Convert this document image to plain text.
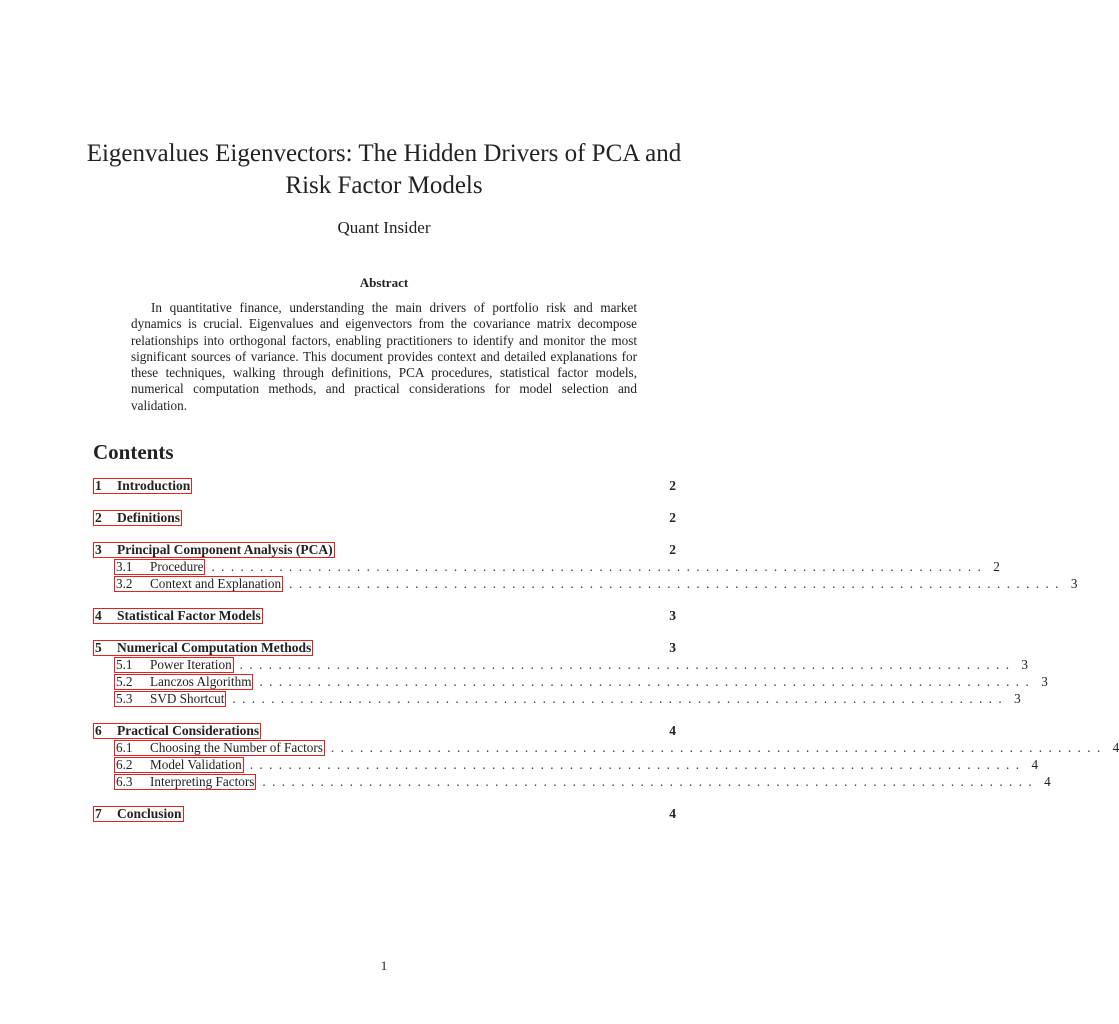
Eigenvalues Eigenvectors: The Hidden Drivers of PCA and Risk Factor Models
Quant Insider
Abstract
In quantitative finance, understanding the main drivers of portfolio risk and market dynamics is crucial. Eigenvalues and eigenvectors from the covariance matrix decompose relationships into orthogonal factors, enabling practitioners to identify and monitor the most significant sources of variance. This document provides context and detailed explanations for these techniques, walking through definitions, PCA procedures, statistical factor models, numerical computation methods, and practical considerations for model selection and validation.
Contents
1	Introduction	2
2	Definitions	2
3	Principal Component Analysis (PCA)	2
3.1	Procedure ................................................................................ 2
3.2	Context and Explanation ................................................................................ 3
4	Statistical Factor Models	3
5	Numerical Computation Methods	3
5.1	Power Iteration ................................................................................ 3
5.2	Lanczos Algorithm ................................................................................ 3
5.3	SVD Shortcut ................................................................................ 3
6	Practical Considerations	4
6.1	Choosing the Number of Factors ................................................................................ 4
6.2	Model Validation ................................................................................ 4
6.3	Interpreting Factors ................................................................................ 4
7	Conclusion	4
1
